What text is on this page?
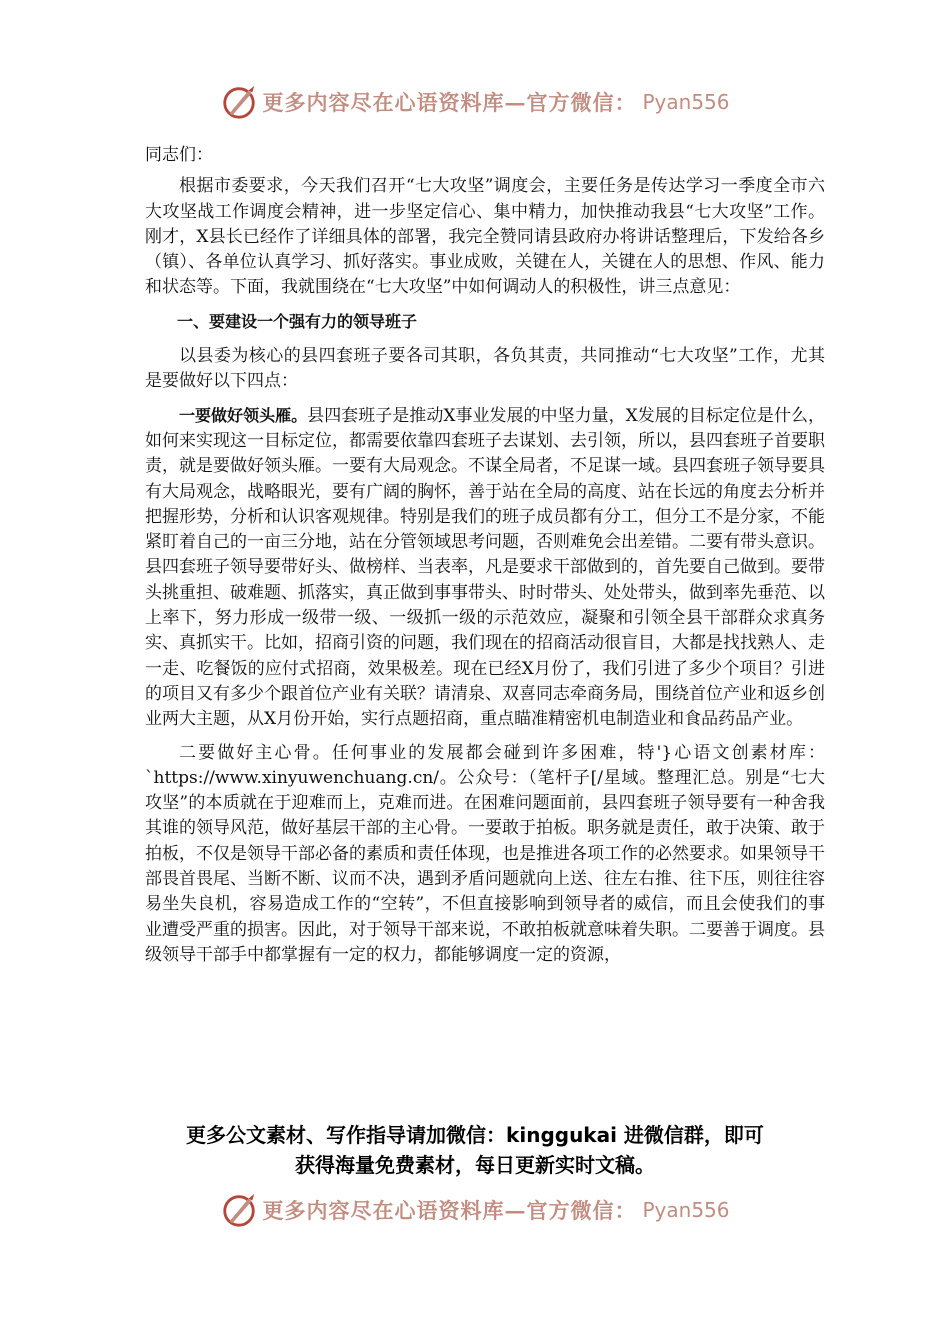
更多内容尽在心语资料库—官方微信： Pyan556

同志们：

根据市委要求，今天我们召开“七大攻坚”调度会，主要任务是传达学习一季度全市六大攻坚战工作调度会精神，进一步坚定信心、集中精力，加快推动我县“七大攻坚”工作。刚才，X县长已经作了详细具体的部署，我完全赞同请县政府办将讲话整理后，下发给各乡（镇）、各单位认真学习、抓好落实。事业成败，关键在人，关键在人的思想、作风、能力和状态等。下面，我就围绕在“七大攻坚”中如何调动人的积极性，讲三点意见：

一、要建设一个强有力的领导班子

以县委为核心的县四套班子要各司其职，各负其责，共同推动“七大攻坚”工作，尤其是要做好以下四点：

一要做好领头雁。县四套班子是推动X事业发展的中坚力量，X发展的目标定位是什么，如何来实现这一目标定位，都需要依靠四套班子去谋划、去引领，所以，县四套班子首要职责，就是要做好领头雁。一要有大局观念。不谋全局者，不足谋一域。县四套班子领导要具有大局观念，战略眼光，要有广阔的胸怀，善于站在全局的高度、站在长远的角度去分析并把握形势，分析和认识客观规律。特别是我们的班子成员都有分工，但分工不是分家，不能紧盯着自己的一亩三分地，站在分管领域思考问题，否则难免会出差错。二要有带头意识。县四套班子领导要带好头、做榜样、当表率，凡是要求干部做到的，首先要自己做到。要带头挑重担、破难题、抓落实，真正做到事事带头、时时带头、处处带头，做到率先垂范、以上率下，努力形成一级带一级、一级抓一级的示范效应，凝聚和引领全县干部群众求真务实、真抓实干。比如，招商引资的问题，我们现在的招商活动很盲目，大都是找找熟人、走一走、吃餐饭的应付式招商，效果极差。现在已经X月份了，我们引进了多少个项目？引进的项目又有多少个跟首位产业有关联？请清泉、双喜同志牵商务局，围绕首位产业和返乡创业两大主题，从X月份开始，实行点题招商，重点瞄准精密机电制造业和食品药品产业。

二要做好主心骨。任何事业的发展都会碰到许多困难，特'}心语文创素材库：`https://www.xinyuwenchuang.cn/。公众号：（笔杆子[/星域。整理汇总。别是“七大攻坚”的本质就在于迎难而上，克难而进。在困难问题面前，县四套班子领导要有一种舍我其谁的领导风范，做好基层干部的主心骨。一要敢于拍板。职务就是责任，敢于决策、敢于拍板，不仅是领导干部必备的素质和责任体现，也是推进各项工作的必然要求。如果领导干部畏首畏尾、当断不断、议而不决，遇到矛盾问题就向上送、往左右推、往下压，则往往容易坐失良机，容易造成工作的“空转”，不但直接影响到领导者的威信，而且会使我们的事业遭受严重的损害。因此，对于领导干部来说，不敢拍板就意味着失职。二要善于调度。县级领导干部手中都掌握有一定的权力，都能够调度一定的资源，

更多公文素材、写作指导请加微信：kinggukai 进微信群，即可
获得海量免费素材，每日更新实时文稿。
更多内容尽在心语资料库—官方微信： Pyan556
